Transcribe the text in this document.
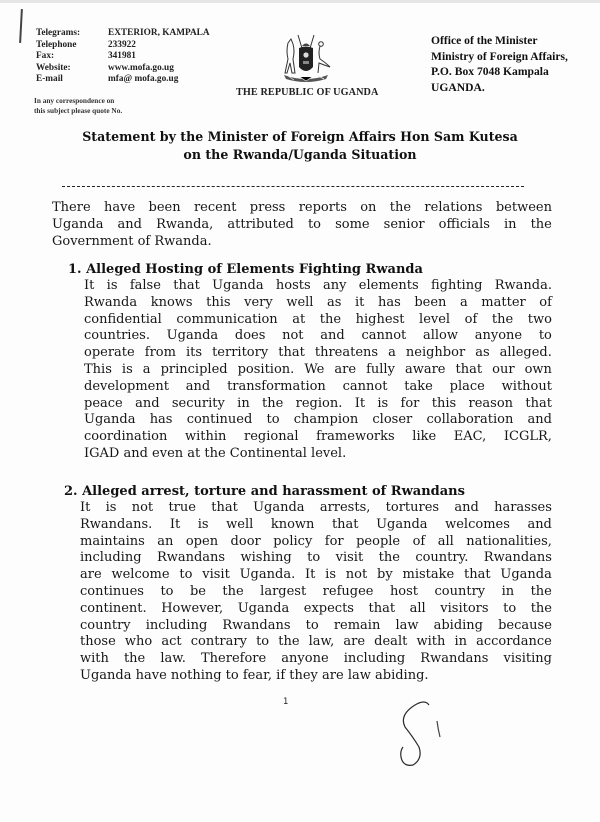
Telegrams:	EXTERIOR, KAMPALA
Telephone	233922
Fax:	341981
Website:	www.mofa.go.ug
E-mail	mfa@ mofa.go.ug
In any correspondence on
this subject please quote No.
THE REPUBLIC OF UGANDA
Office of the Minister
Ministry of Foreign Affairs,
P.O. Box 7048 Kampala
UGANDA.
Statement by the Minister of Foreign Affairs Hon Sam Kutesa
on the Rwanda/Uganda Situation
There have been recent press reports on the relations between
Uganda and Rwanda, attributed to some senior officials in the
Government of Rwanda.
1. Alleged Hosting of Elements Fighting Rwanda
It is false that Uganda hosts any elements fighting Rwanda.
Rwanda knows this very well as it has been a matter of
confidential communication at the highest level of the two
countries. Uganda does not and cannot allow anyone to
operate from its territory that threatens a neighbor as alleged.
This is a principled position. We are fully aware that our own
development and transformation cannot take place without
peace and security in the region. It is for this reason that
Uganda has continued to champion closer collaboration and
coordination within regional frameworks like EAC, ICGLR,
IGAD and even at the Continental level.
2. Alleged arrest, torture and harassment of Rwandans
It is not true that Uganda arrests, tortures and harasses
Rwandans. It is well known that Uganda welcomes and
maintains an open door policy for people of all nationalities,
including Rwandans wishing to visit the country. Rwandans
are welcome to visit Uganda. It is not by mistake that Uganda
continues to be the largest refugee host country in the
continent. However, Uganda expects that all visitors to the
country including Rwandans to remain law abiding because
those who act contrary to the law, are dealt with in accordance
with the law. Therefore anyone including Rwandans visiting
Uganda have nothing to fear, if they are law abiding.
1
